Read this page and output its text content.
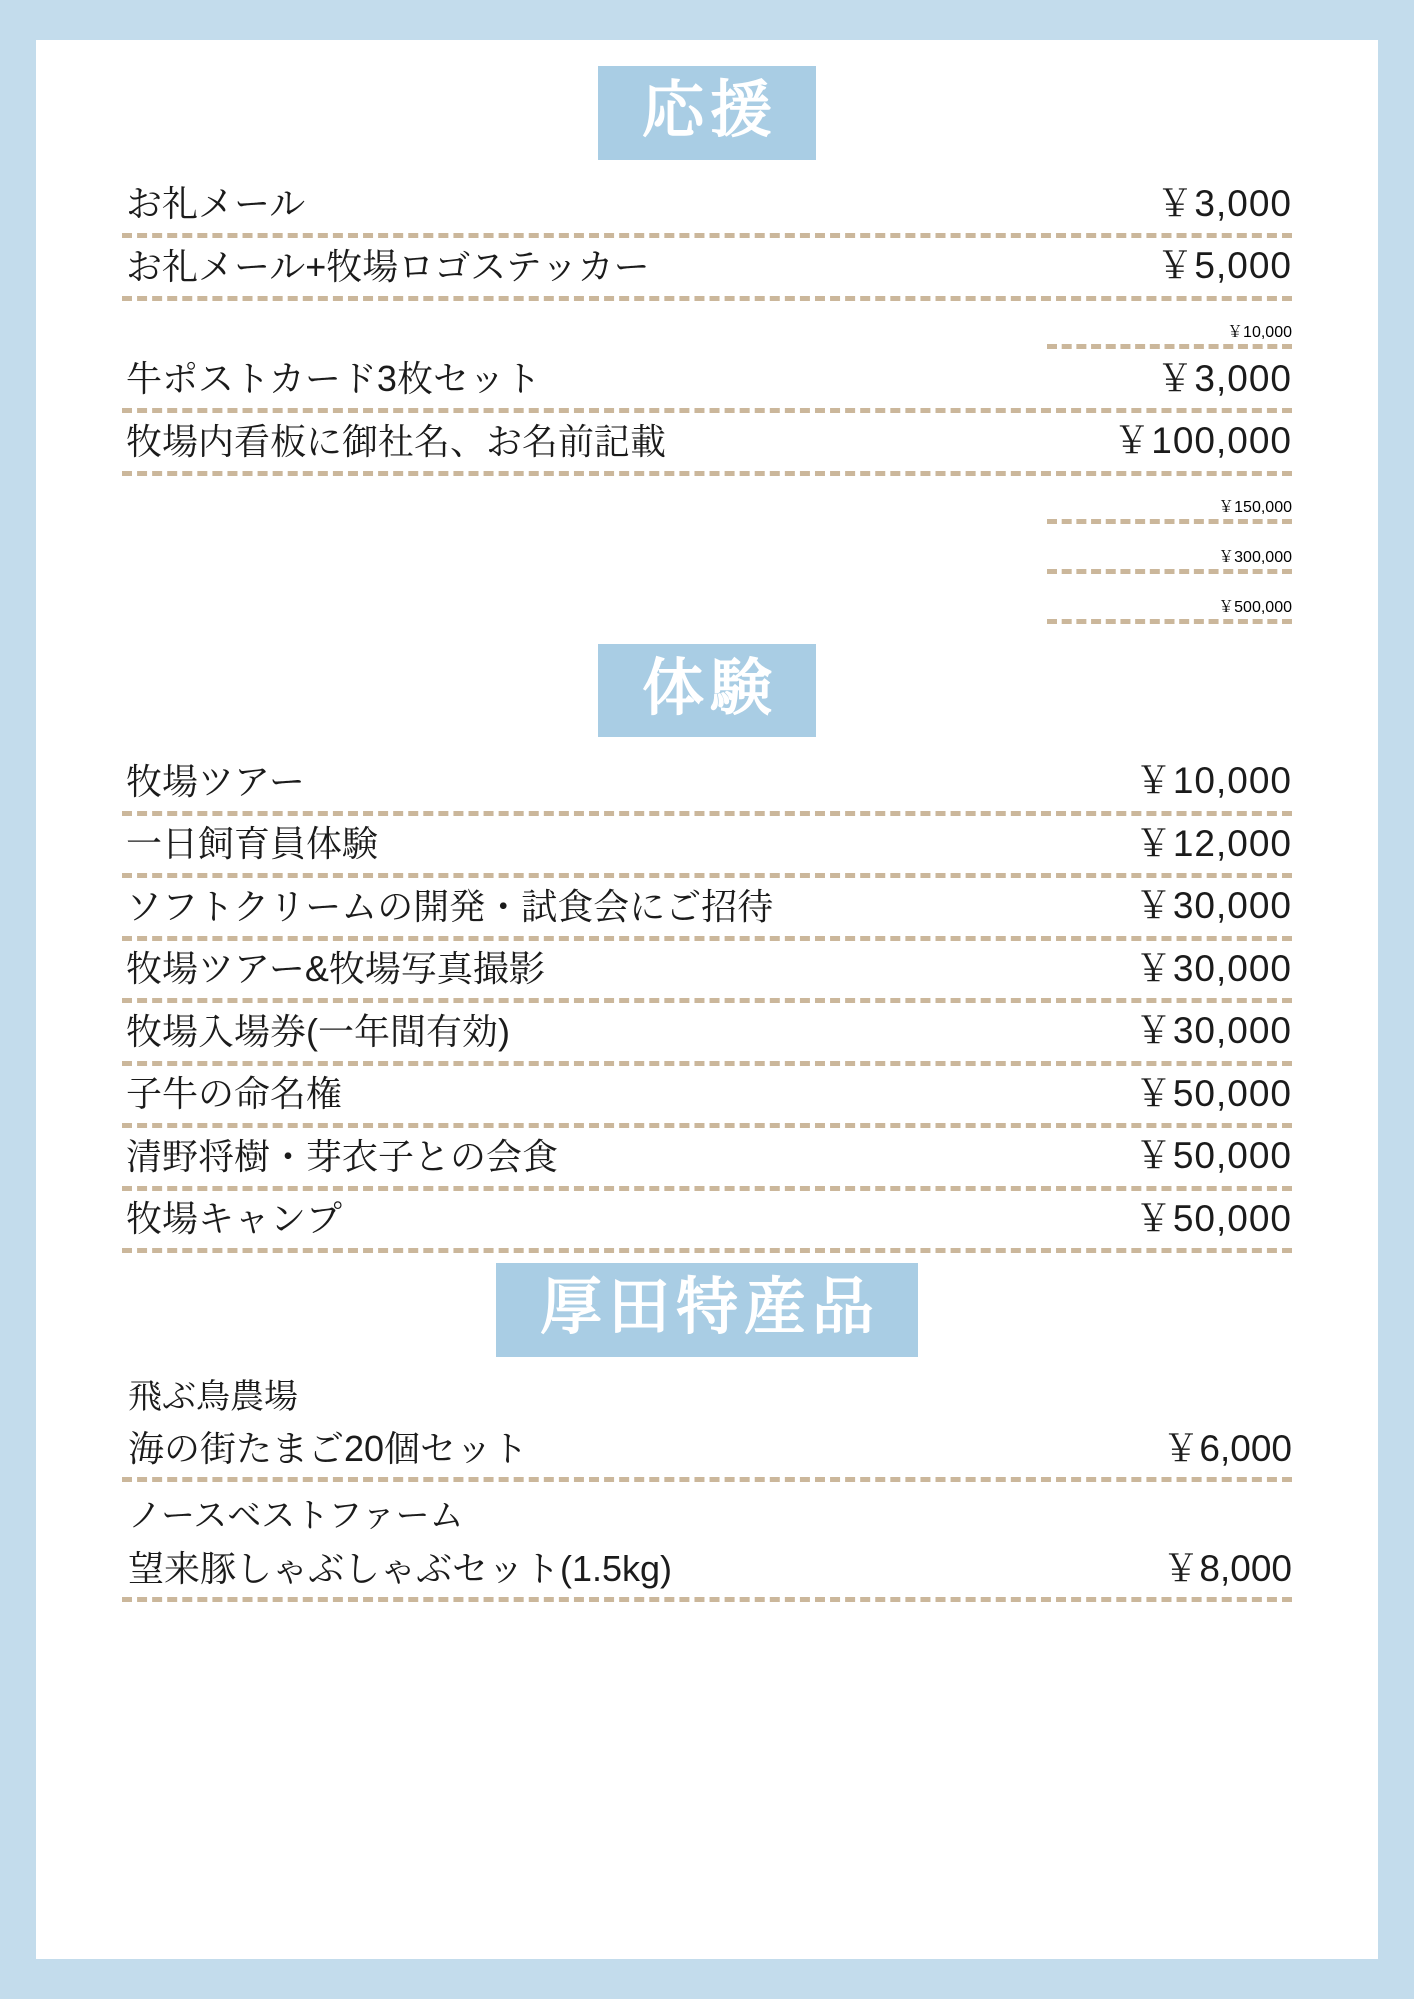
応援
お礼メール	￥3,000
お礼メール+牧場ロゴステッカー	￥5,000
￥10,000
牛ポストカード3枚セット	￥3,000
牧場内看板に御社名、お名前記載	￥100,000
￥150,000
￥300,000
￥500,000
体験
牧場ツアー	￥10,000
一日飼育員体験	￥12,000
ソフトクリームの開発・試食会にご招待	￥30,000
牧場ツアー&牧場写真撮影	￥30,000
牧場入場券(一年間有効)	￥30,000
子牛の命名権	￥50,000
清野将樹・芽衣子との会食	￥50,000
牧場キャンプ	￥50,000
厚田特産品
飛ぶ鳥農場
海の街たまご20個セット	￥6,000
ノースベストファーム
望来豚しゃぶしゃぶセット(1.5kg)	￥8,000
